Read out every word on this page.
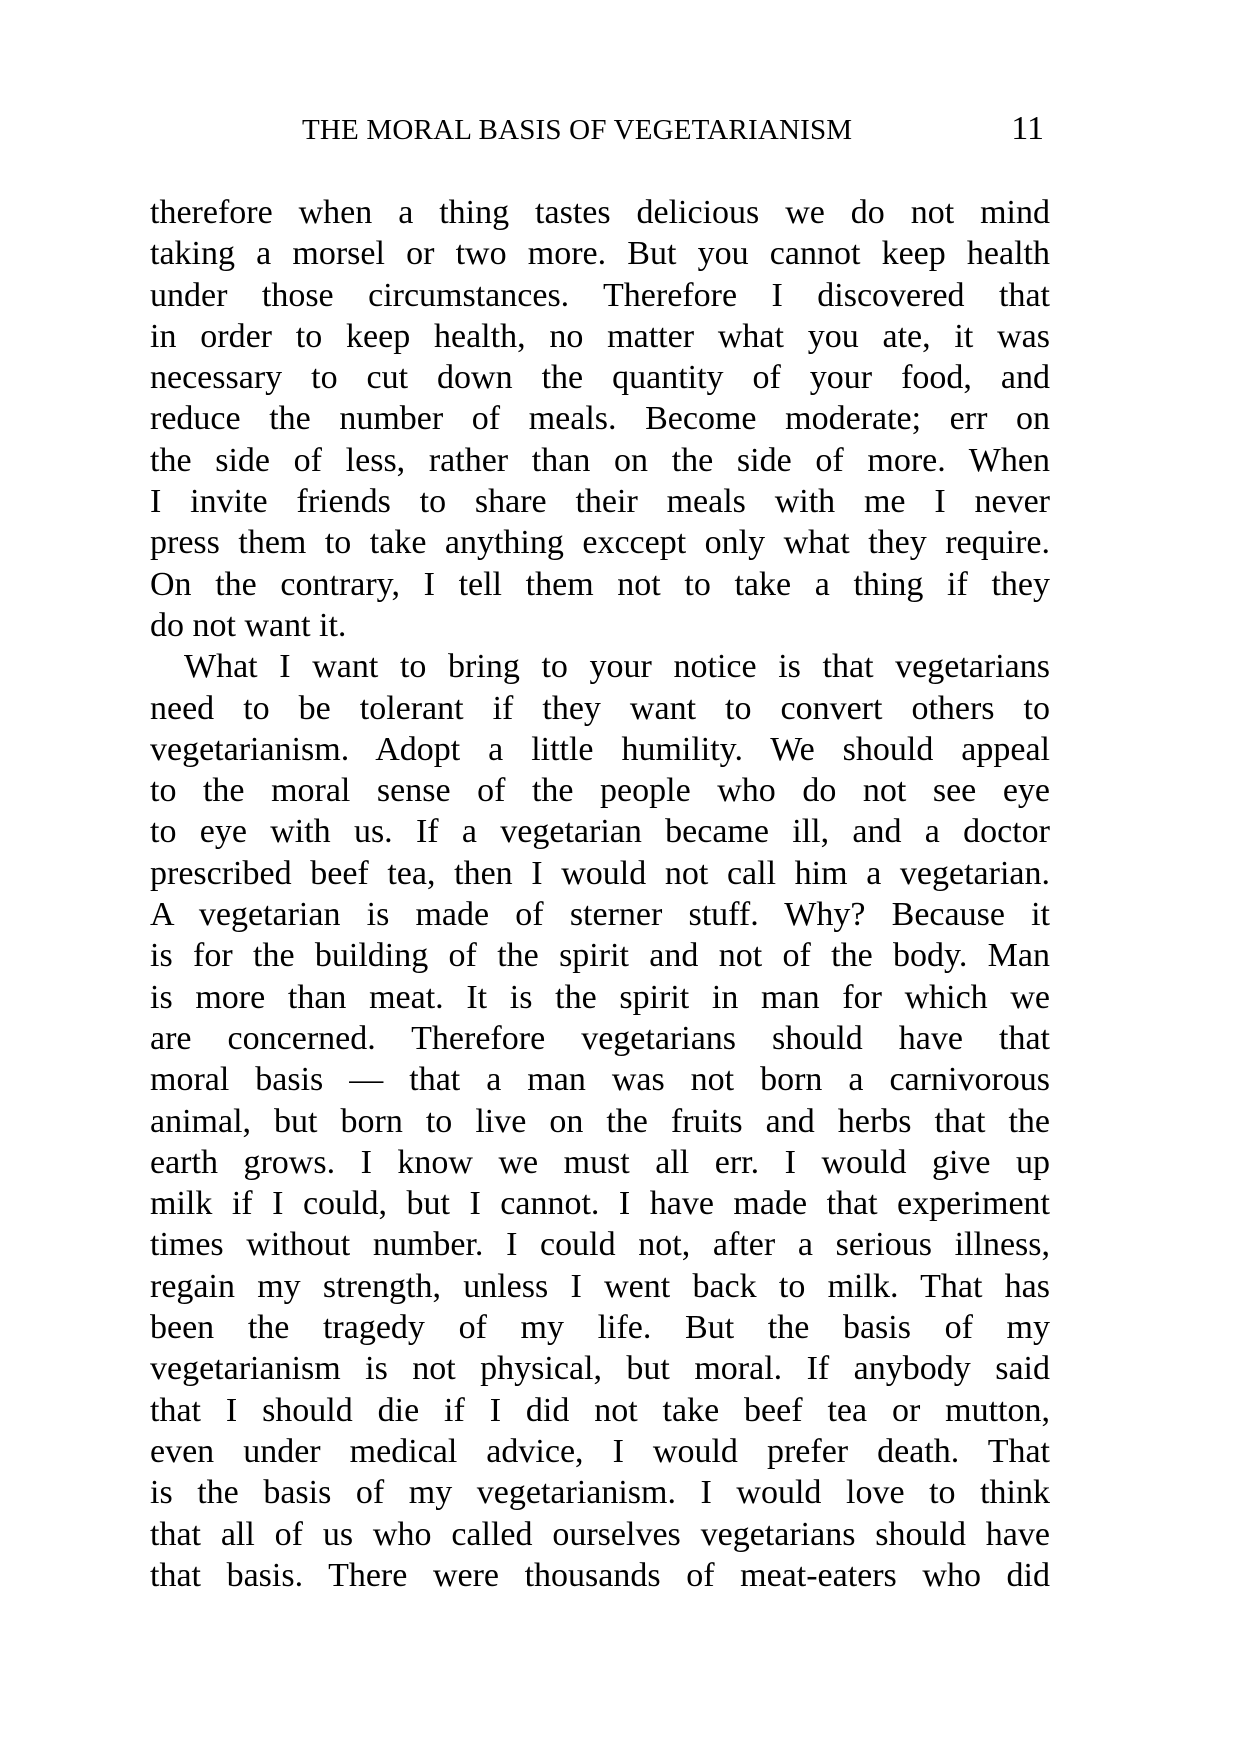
THE MORAL BASIS OF VEGETARIANISM	11
therefore when a thing tastes delicious we do not mind
taking a morsel or two more. But you cannot keep health
under those circumstances. Therefore I discovered that
in order to keep health, no matter what you ate, it was
necessary to cut down the quantity of your food, and
reduce the number of meals. Become moderate; err on
the side of less, rather than on the side of more. When
I invite friends to share their meals with me I never
press them to take anything exccept only what they require.
On the contrary, I tell them not to take a thing if they
do not want it.
What I want to bring to your notice is that vegetarians
need to be tolerant if they want to convert others to
vegetarianism. Adopt a little humility. We should appeal
to the moral sense of the people who do not see eye
to eye with us. If a vegetarian became ill, and a doctor
prescribed beef tea, then I would not call him a vegetarian.
A vegetarian is made of sterner stuff. Why? Because it
is for the building of the spirit and not of the body. Man
is more than meat. It is the spirit in man for which we
are concerned. Therefore vegetarians should have that
moral basis — that a man was not born a carnivorous
animal, but born to live on the fruits and herbs that the
earth grows. I know we must all err. I would give up
milk if I could, but I cannot. I have made that experiment
times without number. I could not, after a serious illness,
regain my strength, unless I went back to milk. That has
been the tragedy of my life. But the basis of my
vegetarianism is not physical, but moral. If anybody said
that I should die if I did not take beef tea or mutton,
even under medical advice, I would prefer death. That
is the basis of my vegetarianism. I would love to think
that all of us who called ourselves vegetarians should have
that basis. There were thousands of meat-eaters who did
